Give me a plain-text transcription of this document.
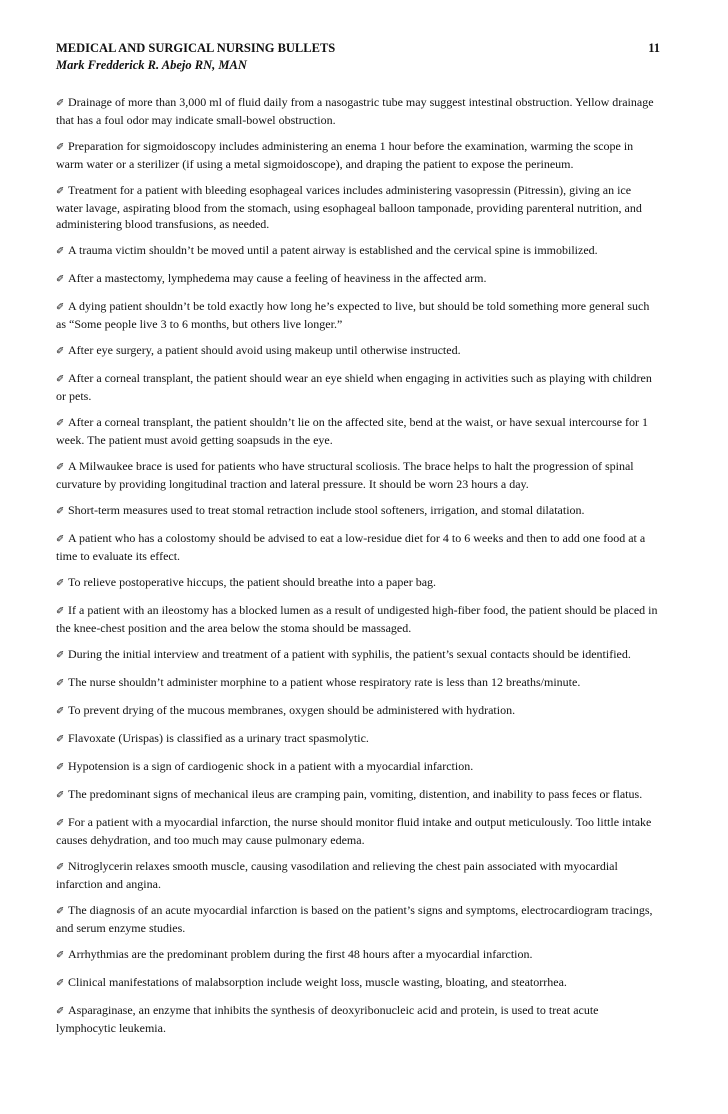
MEDICAL AND SURGICAL NURSING BULLETS	11
Mark Fredderick R. Abejo RN, MAN

✐ Drainage of more than 3,000 ml of fluid daily from a nasogastric tube may suggest intestinal obstruction. Yellow drainage that has a foul odor may indicate small-bowel obstruction.

✐ Preparation for sigmoidoscopy includes administering an enema 1 hour before the examination, warming the scope in warm water or a sterilizer (if using a metal sigmoidoscope), and draping the patient to expose the perineum.

✐ Treatment for a patient with bleeding esophageal varices includes administering vasopressin (Pitressin), giving an ice water lavage, aspirating blood from the stomach, using esophageal balloon tamponade, providing parenteral nutrition, and administering blood transfusions, as needed.

✐ A trauma victim shouldn’t be moved until a patent airway is established and the cervical spine is immobilized.

✐ After a mastectomy, lymphedema may cause a feeling of heaviness in the affected arm.

✐ A dying patient shouldn’t be told exactly how long he’s expected to live, but should be told something more general such as “Some people live 3 to 6 months, but others live longer.”

✐ After eye surgery, a patient should avoid using makeup until otherwise instructed.

✐ After a corneal transplant, the patient should wear an eye shield when engaging in activities such as playing with children or pets.

✐ After a corneal transplant, the patient shouldn’t lie on the affected site, bend at the waist, or have sexual intercourse for 1 week. The patient must avoid getting soapsuds in the eye.

✐ A Milwaukee brace is used for patients who have structural scoliosis. The brace helps to halt the progression of spinal curvature by providing longitudinal traction and lateral pressure. It should be worn 23 hours a day.

✐ Short-term measures used to treat stomal retraction include stool softeners, irrigation, and stomal dilatation.

✐ A patient who has a colostomy should be advised to eat a low-residue diet for 4 to 6 weeks and then to add one food at a time to evaluate its effect.

✐ To relieve postoperative hiccups, the patient should breathe into a paper bag.

✐ If a patient with an ileostomy has a blocked lumen as a result of undigested high-fiber food, the patient should be placed in the knee-chest position and the area below the stoma should be massaged.

✐ During the initial interview and treatment of a patient with syphilis, the patient’s sexual contacts should be identified.

✐ The nurse shouldn’t administer morphine to a patient whose respiratory rate is less than 12 breaths/minute.

✐ To prevent drying of the mucous membranes, oxygen should be administered with hydration.

✐ Flavoxate (Urispas) is classified as a urinary tract spasmolytic.

✐ Hypotension is a sign of cardiogenic shock in a patient with a myocardial infarction.

✐ The predominant signs of mechanical ileus are cramping pain, vomiting, distention, and inability to pass feces or flatus.

✐ For a patient with a myocardial infarction, the nurse should monitor fluid intake and output meticulously. Too little intake causes dehydration, and too much may cause pulmonary edema.

✐ Nitroglycerin relaxes smooth muscle, causing vasodilation and relieving the chest pain associated with myocardial infarction and angina.

✐ The diagnosis of an acute myocardial infarction is based on the patient’s signs and symptoms, electrocardiogram tracings, and serum enzyme studies.

✐ Arrhythmias are the predominant problem during the first 48 hours after a myocardial infarction.

✐ Clinical manifestations of malabsorption include weight loss, muscle wasting, bloating, and steatorrhea.

✐ Asparaginase, an enzyme that inhibits the synthesis of deoxyribonucleic acid and protein, is used to treat acute lymphocytic leukemia.
